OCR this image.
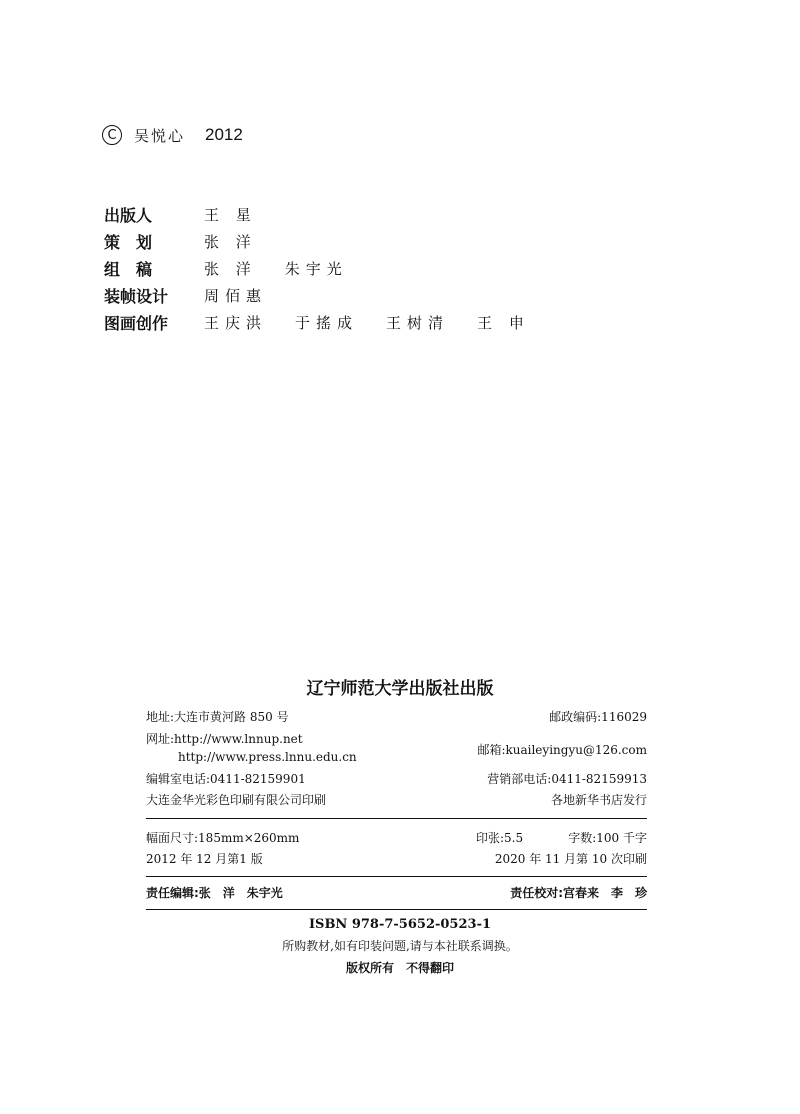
C	吴悦心 2012
出版人	王 星
策　划	张 洋
组　稿	张 洋 朱宇光
装帧设计	周佰惠
图画创作	王庆洪 于搖成 王树清 王 申
辽宁师范大学出版社出版
地址:大连市黄河路 850 号	邮政编码:116029
网址:http://www.lnnup.net
http://www.press.lnnu.edu.cn	邮箱:kuaileyingyu@126.com
编辑室电话:0411-82159901	营销部电话:0411-82159913
大连金华光彩色印刷有限公司印刷	各地新华书店发行
幅面尺寸:185mm×260mm	印张:5.5	字数:100 千字
2012 年 12 月第1 版	2020 年 11 月第 10 次印刷
责任编辑:张　洋　朱宇光	责任校对:宫春来　李　珍
ISBN 978-7-5652-0523-1
所购教材,如有印装问题,请与本社联系调换。
版权所有　不得翻印
